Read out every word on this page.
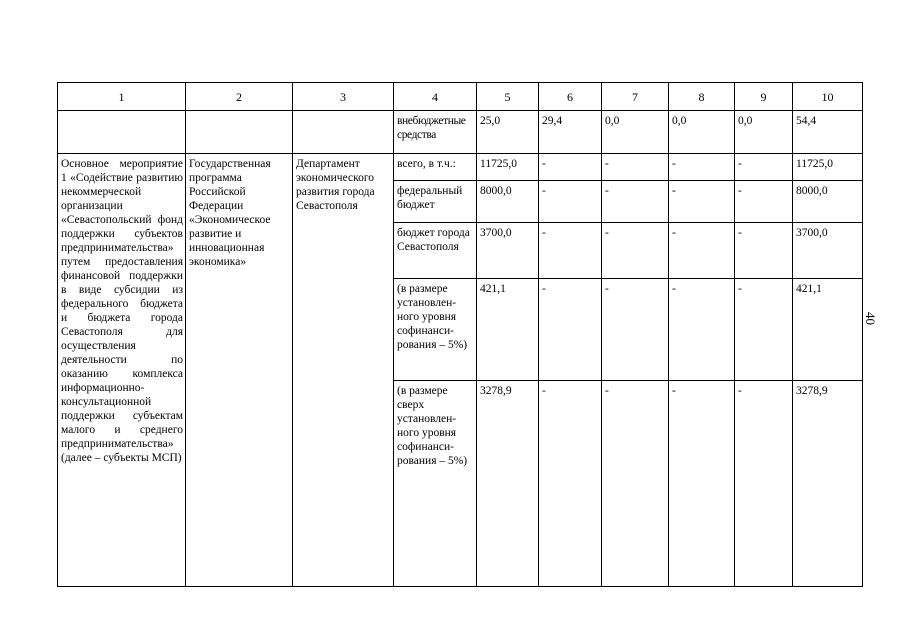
40
1	2	3	4	5	6	7	8	9	10
			внебюджетные средства	25,0	29,4	0,0	0,0	0,0	54,4
Основное мероприятие 1 «Содействие развитию некоммерческой организации «Севастопольский фонд поддержки субъектов предпринимательства» путем предоставления финансовой поддержки в виде субсидии из федерального бюджета и бюджета города Севастополя для осуществления деятельности по оказанию комплекса информационно-консультационной поддержки субъектам малого и среднего предпринимательства» (далее – субъекты МСП)	Государственная программа Российской Федерации «Экономическое развитие и инновационная экономика»	Департамент экономического развития города Севастополя	всего, в т.ч.:	11725,0	-	-	-	-	11725,0
			федеральный бюджет	8000,0	-	-	-	-	8000,0
			бюджет города Севастополя	3700,0	-	-	-	-	3700,0
			(в размере установлен-ного уровня софинанси-рования – 5%)	421,1	-	-	-	-	421,1
			(в размере сверх установлен-ного уровня софинанси-рования – 5%)	3278,9	-	-	-	-	3278,9
